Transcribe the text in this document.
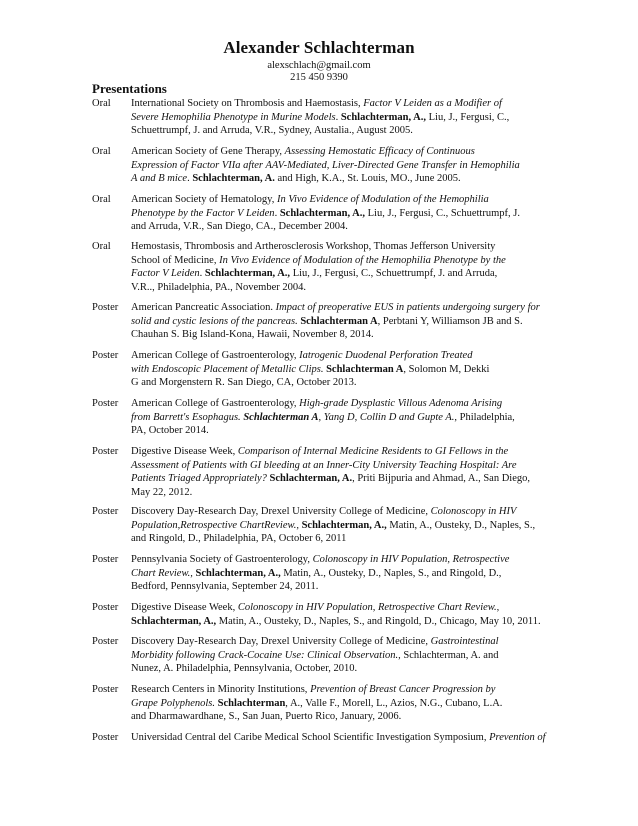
Alexander Schlachterman
alexschlach@gmail.com
215 450 9390
Presentations
Oral	International Society on Thrombosis and Haemostasis, Factor V Leiden as a Modifier of Severe Hemophilia Phenotype in Murine Models. Schlachterman, A., Liu, J., Fergusi, C., Schuettrumpf, J. and Arruda, V.R., Sydney, Austalia., August 2005.
Oral	American Society of Gene Therapy, Assessing Hemostatic Efficacy of Continuous Expression of Factor VIIa after AAV-Mediated, Liver-Directed Gene Transfer in Hemophilia A and B mice. Schlachterman, A. and High, K.A., St. Louis, MO., June 2005.
Oral	American Society of Hematology, In Vivo Evidence of Modulation of the Hemophilia Phenotype by the Factor V Leiden. Schlachterman, A., Liu, J., Fergusi, C., Schuettrumpf, J. and Arruda, V.R., San Diego, CA., December 2004.
Oral	Hemostasis, Thrombosis and Artherosclerosis Workshop, Thomas Jefferson University School of Medicine, In Vivo Evidence of Modulation of the Hemophilia Phenotype by the Factor V Leiden. Schlachterman, A., Liu, J., Fergusi, C., Schuettrumpf, J. and Arruda, V.R.., Philadelphia, PA., November 2004.
Poster	American Pancreatic Association. Impact of preoperative EUS in patients undergoing surgery for solid and cystic lesions of the pancreas. Schlachterman A, Perbtani Y, Williamson JB and S. Chauhan S. Big Island-Kona, Hawaii, November 8, 2014.
Poster	American College of Gastroenterology, Iatrogenic Duodenal Perforation Treated with Endoscopic Placement of Metallic Clips. Schlachterman A, Solomon M, Dekki G and Morgenstern R. San Diego, CA, October 2013.
Poster	American College of Gastroenterology, High-grade Dysplastic Villous Adenoma Arising from Barrett's Esophagus. Schlachterman A, Yang D, Collin D and Gupte A., Philadelphia, PA, October 2014.
Poster	Digestive Disease Week, Comparison of Internal Medicine Residents to GI Fellows in the Assessment of Patients with GI bleeding at an Inner-City University Teaching Hospital: Are Patients Triaged Appropriately? Schlachterman, A., Priti Bijpuria and Ahmad, A., San Diego, May 22, 2012.
Poster	Discovery Day-Research Day, Drexel University College of Medicine, Colonoscopy in HIV Population,Retrospective ChartReview., Schlachterman, A., Matin, A., Ousteky, D., Naples, S., and Ringold, D., Philadelphia, PA, October 6, 2011
Poster	Pennsylvania Society of Gastroenterology, Colonoscopy in HIV Population, Retrospective Chart Review., Schlachterman, A., Matin, A., Ousteky, D., Naples, S., and Ringold, D., Bedford, Pennsylvania, September 24, 2011.
Poster	Digestive Disease Week, Colonoscopy in HIV Population, Retrospective Chart Review., Schlachterman, A., Matin, A., Ousteky, D., Naples, S., and Ringold, D., Chicago, May 10, 2011.
Poster	Discovery Day-Research Day, Drexel University College of Medicine, Gastrointestinal Morbidity following Crack-Cocaine Use: Clinical Observation., Schlachterman, A. and Nunez, A. Philadelphia, Pennsylvania, October, 2010.
Poster	Research Centers in Minority Institutions, Prevention of Breast Cancer Progression by Grape Polyphenols. Schlachterman, A., Valle F., Morell, L., Azios, N.G., Cubano, L.A. and Dharmawardhane, S., San Juan, Puerto Rico, January, 2006.
Poster	Universidad Central del Caribe Medical School Scientific Investigation Symposium, Prevention of
